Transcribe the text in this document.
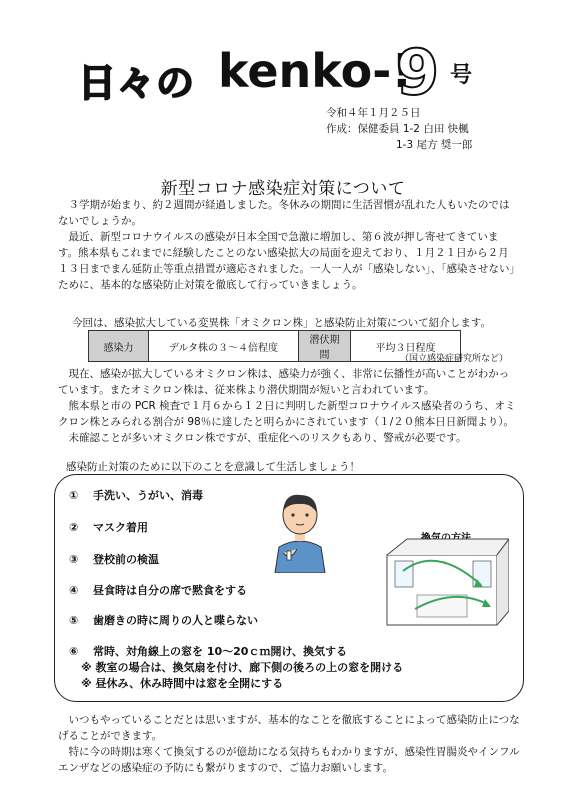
日々の kenko-!
9 号
令和４年１月２５日
作成：保健委員 1-2 白田 快楓
1-3 尾方 奨一郎
新型コロナ感染症対策について

３学期が始まり、約２週間が経過しました。冬休みの期間に生活習慣が乱れた人もいたのではないでしょうか。

最近、新型コロナウイルスの感染が日本全国で急激に増加し、第６波が押し寄せてきています。熊本県もこれまでに経験したことのない感染拡大の局面を迎えており、１月２１日から２月１３日までまん延防止等重点措置が適応されました。一人一人が「感染しない」、「感染させない」ために、基本的な感染防止対策を徹底して行っていきましょう。

今回は、感染拡大している変異株「オミクロン株」と感染防止対策について紹介します。
感染力	デルタ株の３～４倍程度	潜伏期間	平均３日程度
（国立感染症研究所など）

現在、感染が拡大しているオミクロン株は、感染力が強く、非常に伝播性が高いことがわかっています。またオミクロン株は、従来株より潜伏期間が短いと言われています。

熊本県と市の PCR 検査で１月６から１２日に判明した新型コロナウイルス感染者のうち、オミクロン株とみられる割合が 98％に達したと明らかにされています（１/２０熊本日日新聞より）。

未確認ことが多いオミクロン株ですが、重症化へのリスクもあり、警戒が必要です。

感染防止対策のために以下のことを意識して生活しましょう！
① 手洗い、うがい、消毒
② マスク着用
③ 登校前の検温
④ 昼食時は自分の席で黙食をする
⑤ 歯磨きの時に周りの人と喋らない
⑥ 常時、対角線上の窓を 10～20ｃｍ開け、換気する
※ 教室の場合は、換気扇を付け、廊下側の後ろの上の窓を開ける
※ 昼休み、休み時間中は窓を全開にする

いつもやっていることだとは思いますが、基本的なことを徹底することによって感染防止につなげることができます。

特に今の時期は寒くて換気するのが億劫になる気持ちもわかりますが、感染性胃腸炎やインフルエンザなどの感染症の予防にも繋がりますので、ご協力お願いします。
